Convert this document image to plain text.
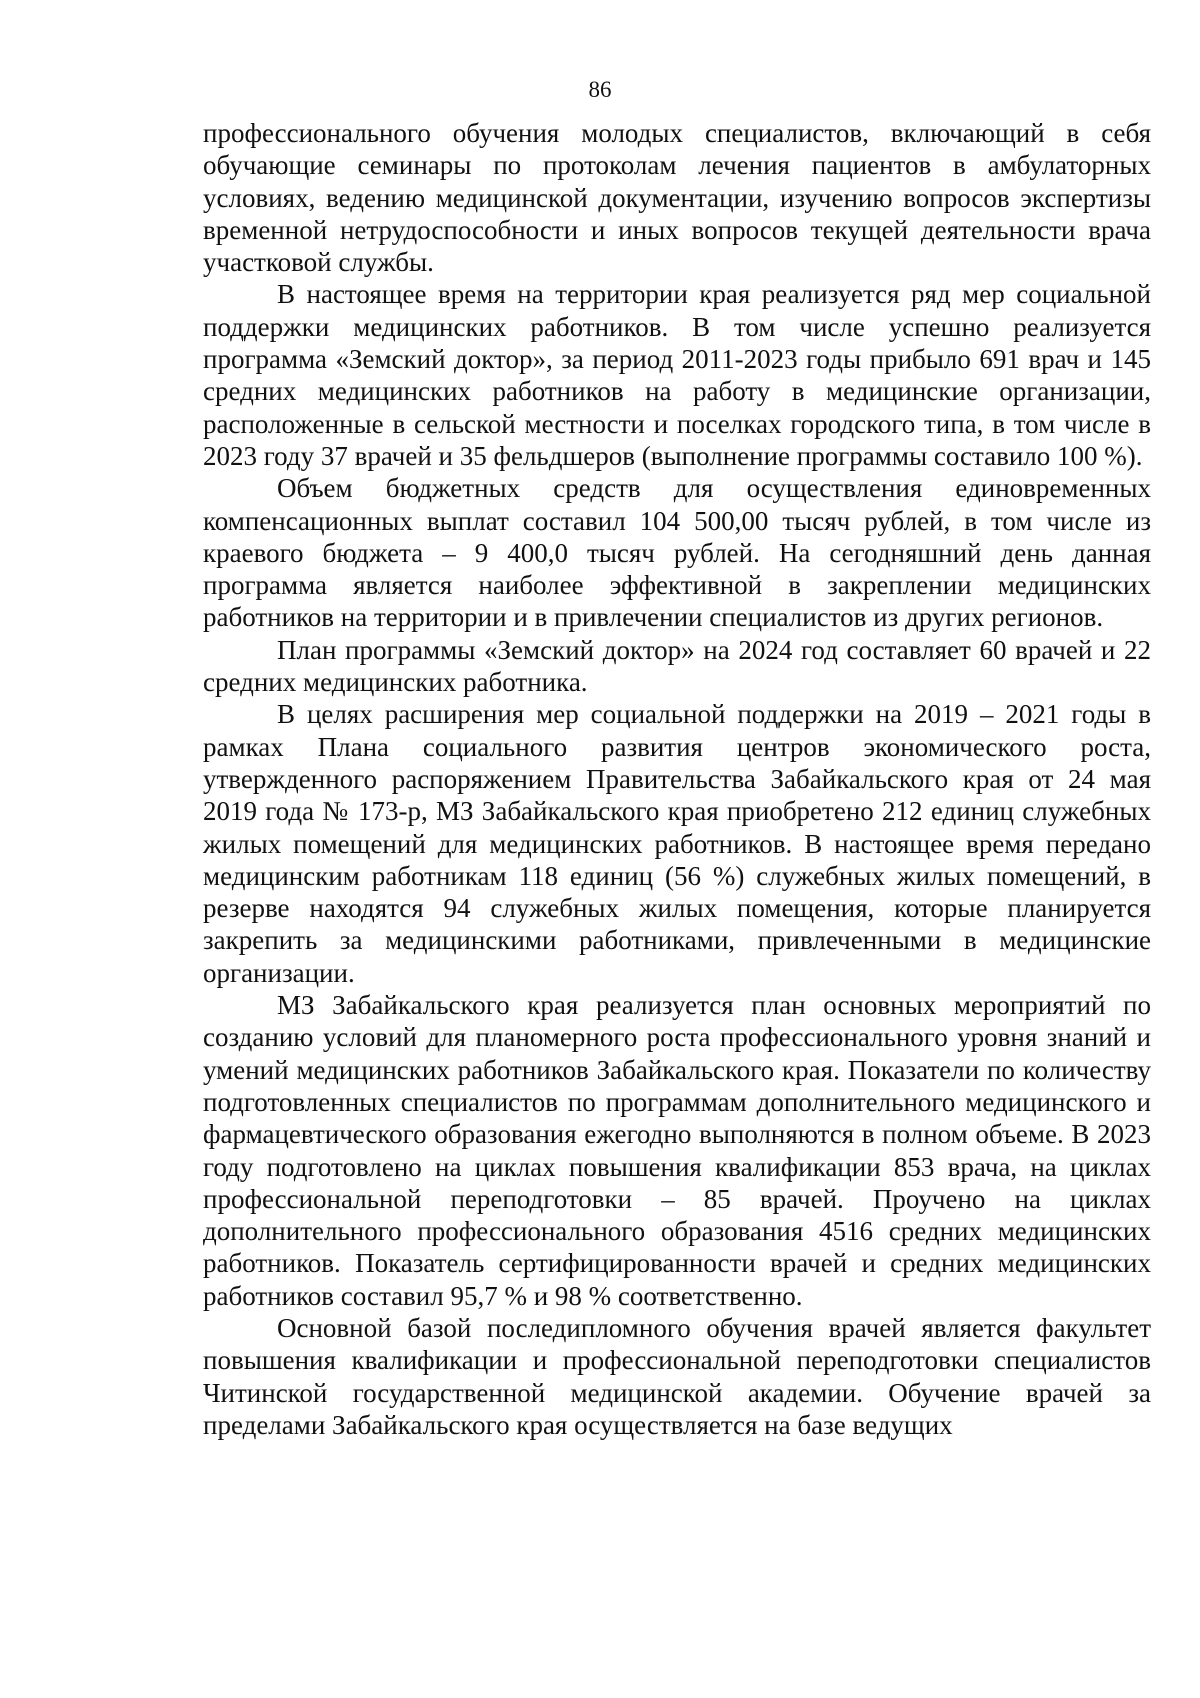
86

профессионального обучения молодых специалистов, включающий в себя обучающие семинары по протоколам лечения пациентов в амбулаторных условиях, ведению медицинской документации, изучению вопросов экспертизы временной нетрудоспособности и иных вопросов текущей деятельности врача участковой службы.

В настоящее время на территории края реализуется ряд мер социальной поддержки медицинских работников. В том числе успешно реализуется программа «Земский доктор», за период 2011-2023 годы прибыло 691 врач и 145 средних медицинских работников на работу в медицинские организации, расположенные в сельской местности и поселках городского типа, в том числе в 2023 году 37 врачей и 35 фельдшеров (выполнение программы составило 100 %).

Объем бюджетных средств для осуществления единовременных компенсационных выплат составил 104 500,00 тысяч рублей, в том числе из краевого бюджета – 9 400,0 тысяч рублей. На сегодняшний день данная программа является наиболее эффективной в закреплении медицинских работников на территории и в привлечении специалистов из других регионов.

План программы «Земский доктор» на 2024 год составляет 60 врачей и 22 средних медицинских работника.

В целях расширения мер социальной поддержки на 2019 – 2021 годы в рамках Плана социального развития центров экономического роста, утвержденного распоряжением Правительства Забайкальского края от 24 мая 2019 года № 173-р, МЗ Забайкальского края приобретено 212 единиц служебных жилых помещений для медицинских работников. В настоящее время передано медицинским работникам 118 единиц (56 %) служебных жилых помещений, в резерве находятся 94 служебных жилых помещения, которые планируется закрепить за медицинскими работниками, привлеченными в медицинские организации.

МЗ Забайкальского края реализуется план основных мероприятий по созданию условий для планомерного роста профессионального уровня знаний и умений медицинских работников Забайкальского края. Показатели по количеству подготовленных специалистов по программам дополнительного медицинского и фармацевтического образования ежегодно выполняются в полном объеме. В 2023 году подготовлено на циклах повышения квалификации 853 врача, на циклах профессиональной переподготовки – 85 врачей. Проучено на циклах дополнительного профессионального образования 4516 средних медицинских работников. Показатель сертифицированности врачей и средних медицинских работников составил 95,7 % и 98 % соответственно.

Основной базой последипломного обучения врачей является факультет повышения квалификации и профессиональной переподготовки специалистов Читинской государственной медицинской академии. Обучение врачей за пределами Забайкальского края осуществляется на базе ведущих
